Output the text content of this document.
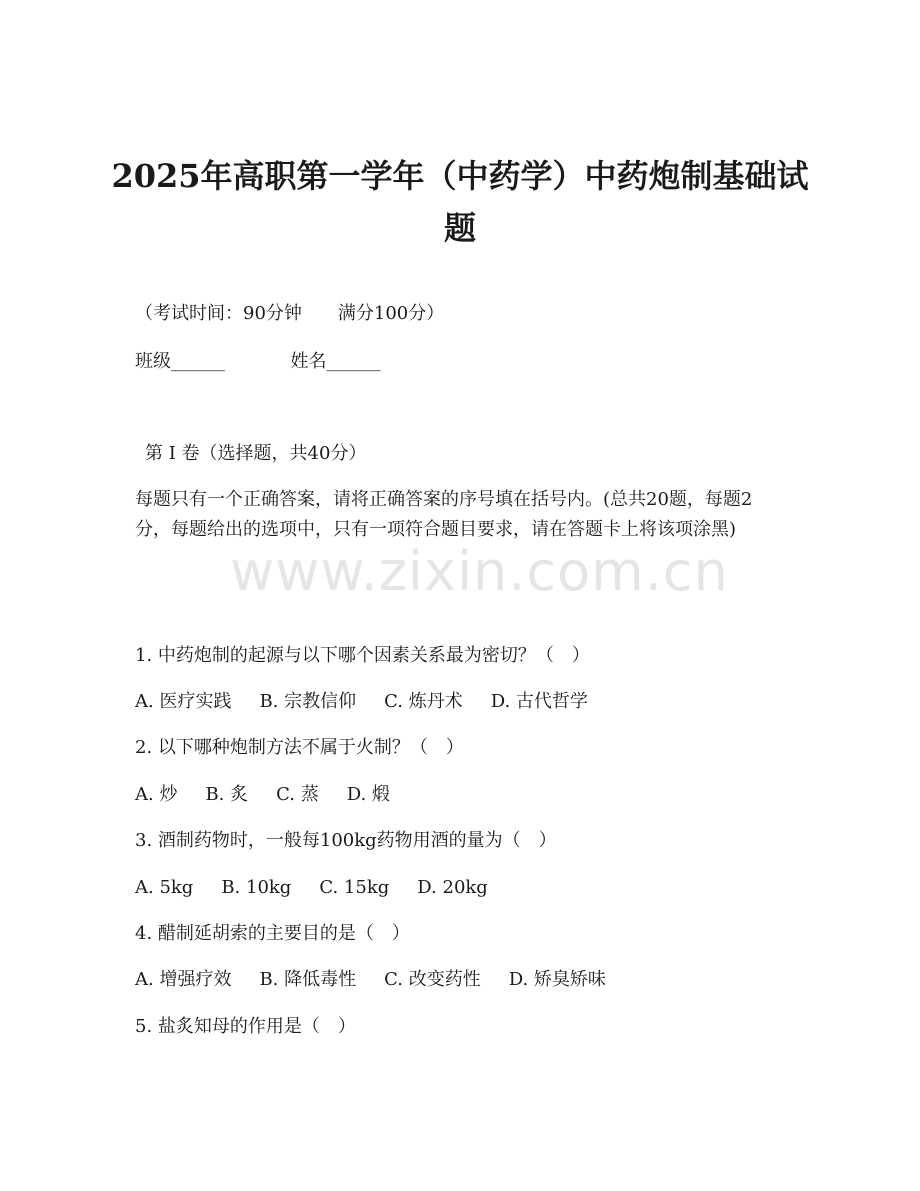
2025年高职第一学年（中药学）中药炮制基础试题
（考试时间：90分钟　　满分100分）
班级______	姓名______
第 I 卷（选择题，共40分）
每题只有一个正确答案，请将正确答案的序号填在括号内。(总共20题，每题2分，每题给出的选项中，只有一项符合题目要求，请在答题卡上将该项涂黑)
www.zixin.com.cn
1. 中药炮制的起源与以下哪个因素关系最为密切？（　）
A. 医疗实践 B. 宗教信仰 C. 炼丹术 D. 古代哲学
2. 以下哪种炮制方法不属于火制？（　）
A. 炒 B. 炙 C. 蒸 D. 煅
3. 酒制药物时，一般每100kg药物用酒的量为（　）
A. 5kg B. 10kg C. 15kg D. 20kg
4. 醋制延胡索的主要目的是（　）
A. 增强疗效 B. 降低毒性 C. 改变药性 D. 矫臭矫味
5. 盐炙知母的作用是（　）
